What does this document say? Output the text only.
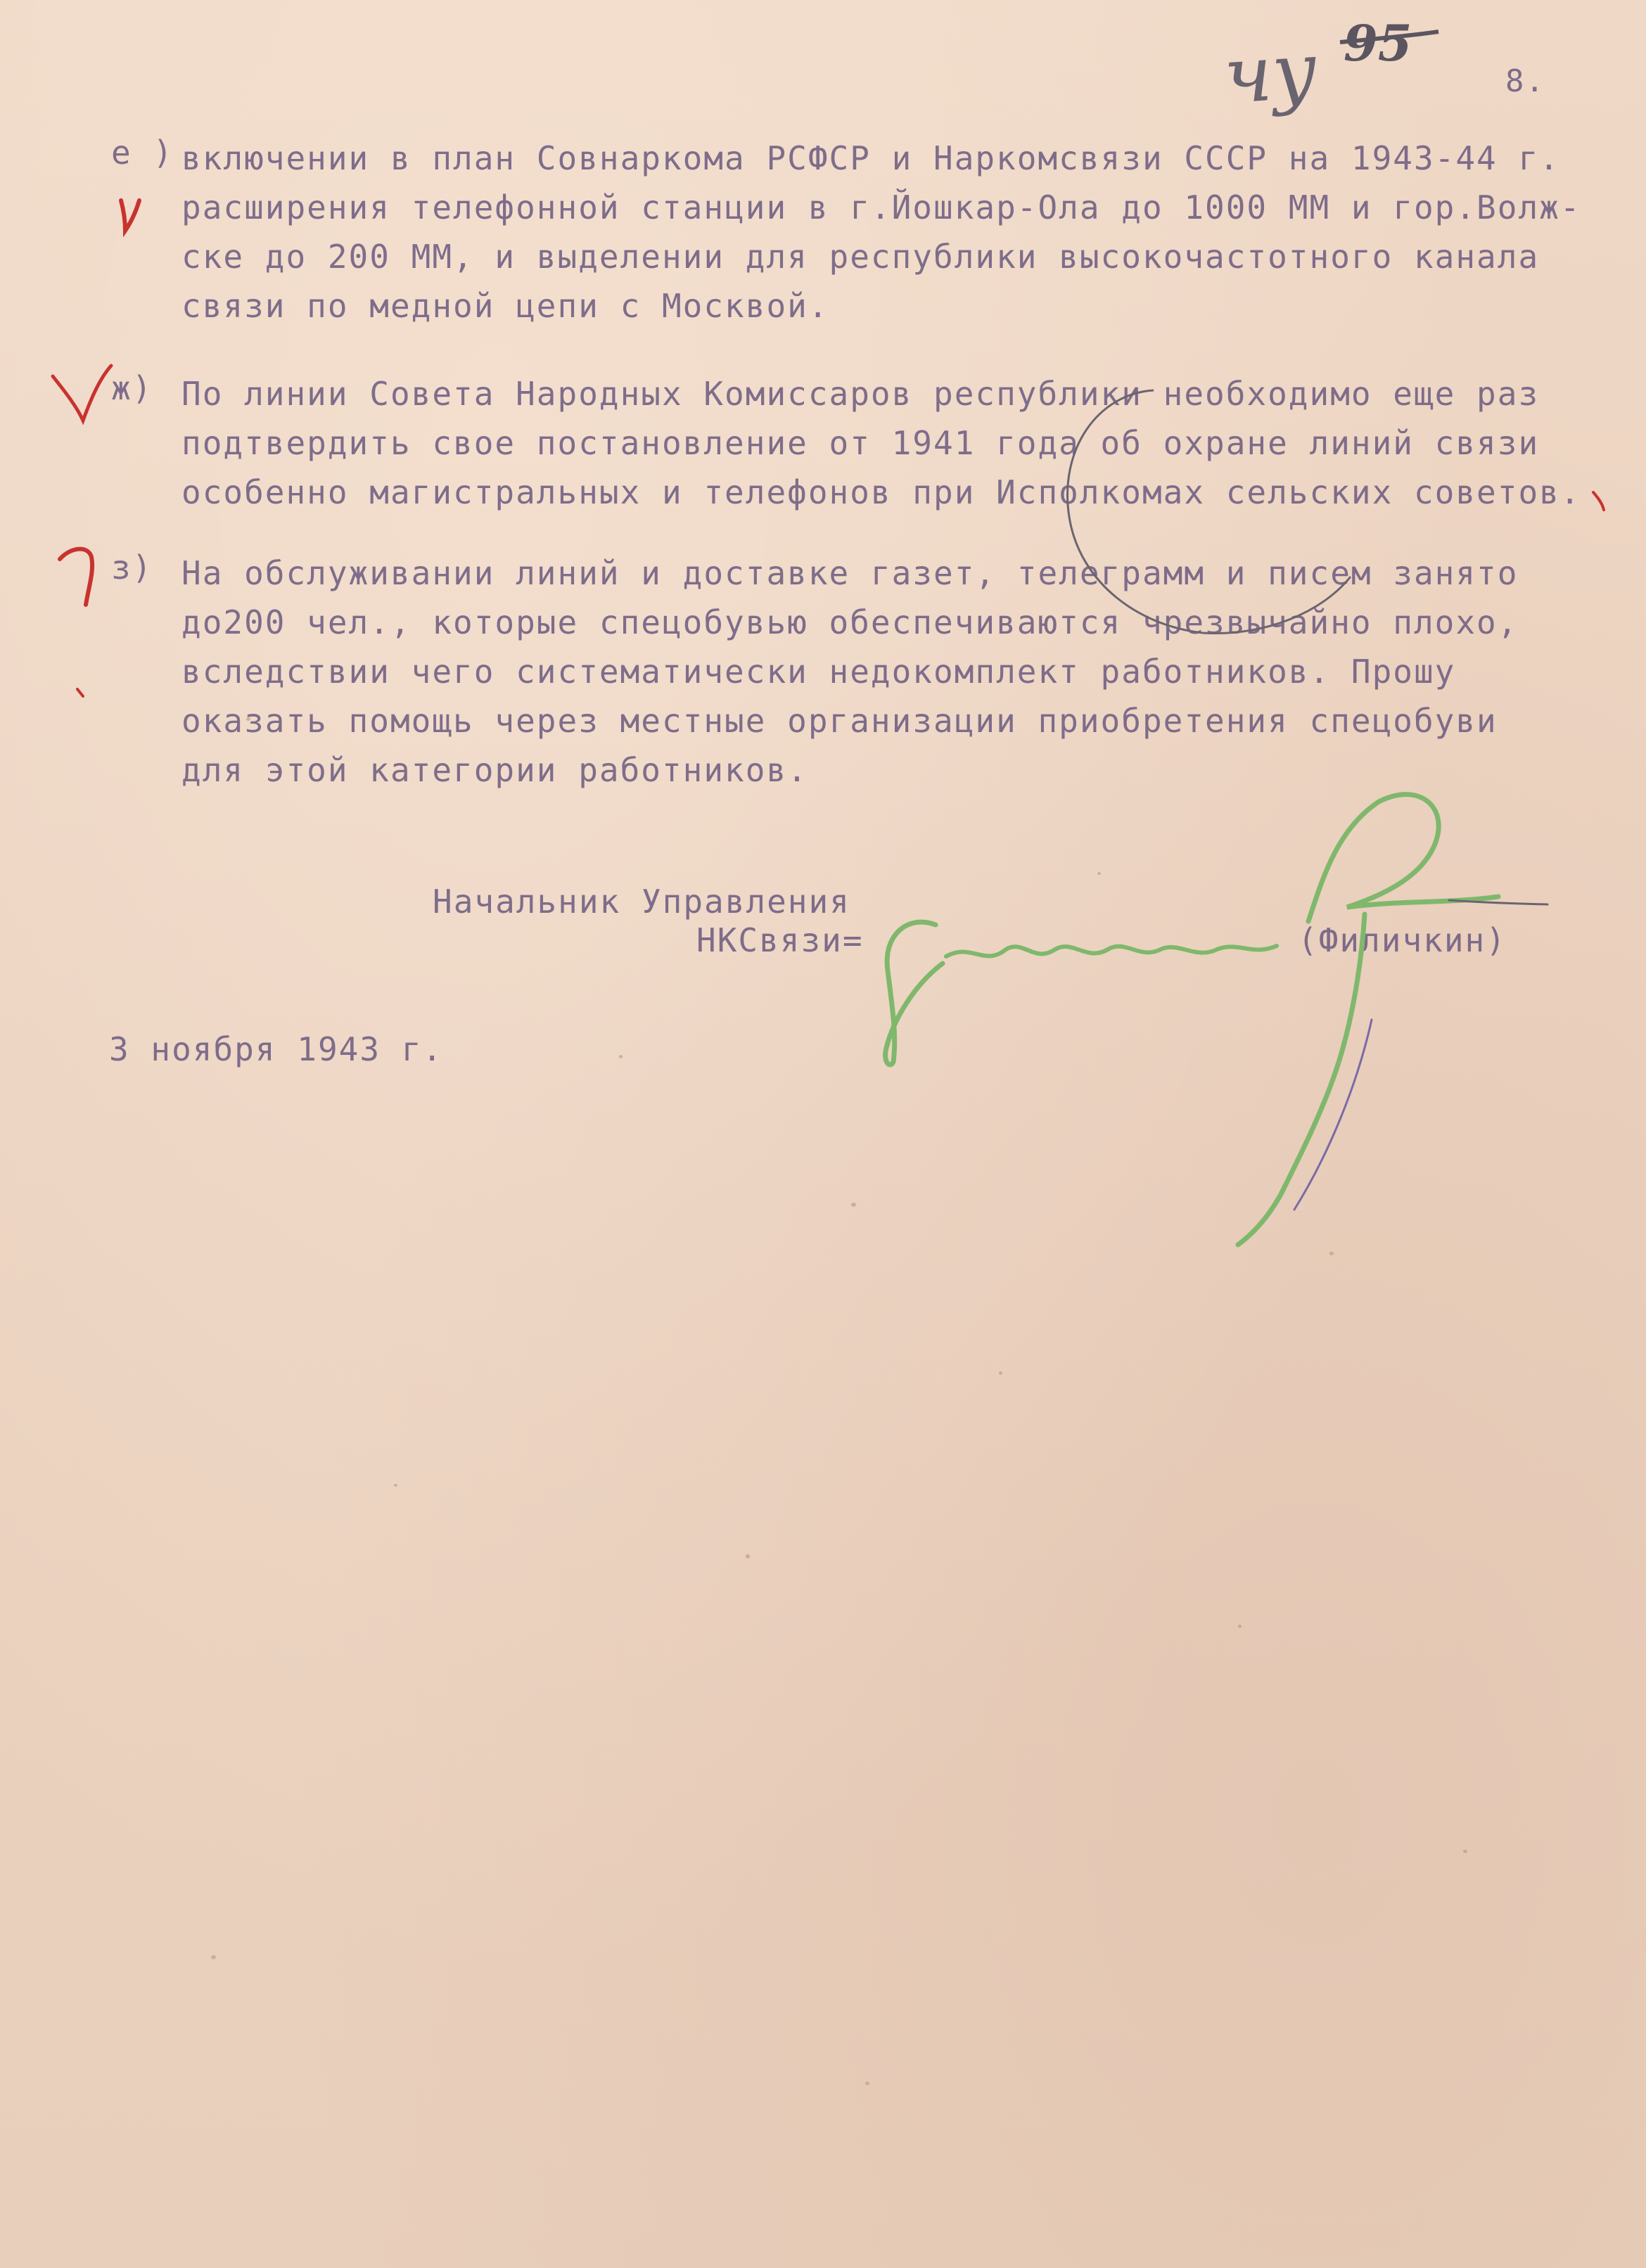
чу 95
8.
е ) включении в план Совнаркома РСФСР и Наркомсвязи СССР на 1943-44 г.
расширения телефонной станции в г.Йошкар-Ола до 1000 ММ и гор.Волж-
ске до 200 ММ, и выделении для республики высокочастотного канала
связи по медной цепи с Москвой.
ж) По линии Совета Народных Комиссаров республики необходимо еще раз
подтвердить свое постановление от 1941 года об охране линий связи
особенно магистральных и телефонов при Исполкомах сельских советов.
з) На обслуживании линий и доставке газет, телеграмм и писем занято
до200 чел., которые спецобувью обеспечиваются чрезвычайно плохо,
вследствии чего систематически недокомплект работников. Прошу
оказать помощь через местные организации приобретения спецобуви
для этой категории работников.
Начальник Управления
НКСвязи=	(Филичкин)
3 ноября 1943 г.
